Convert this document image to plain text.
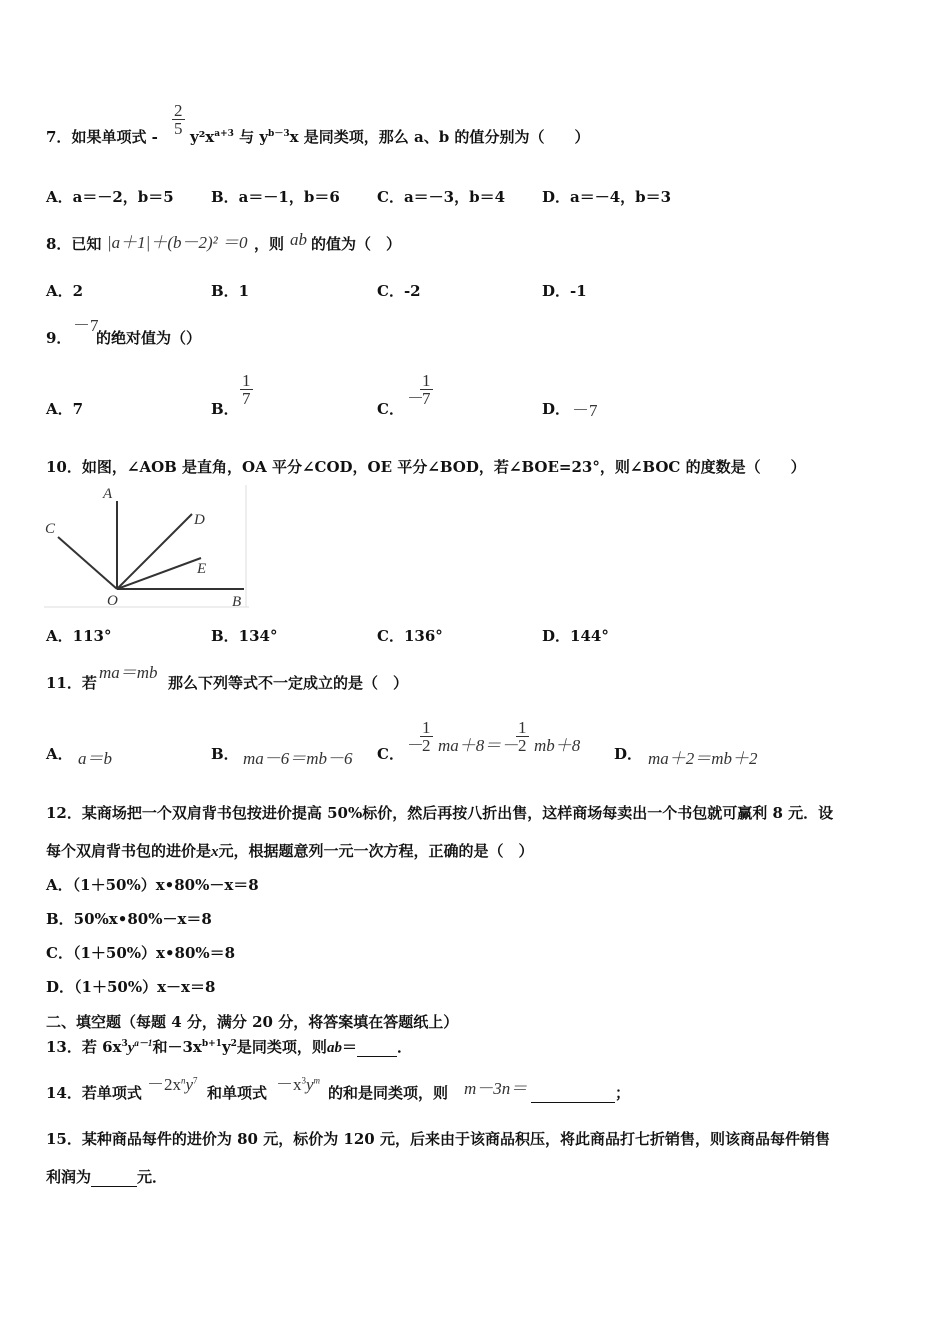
7．如果单项式 - $\frac{2}{5} y^2x^{a+3}$ 与 $y^{b-3}x$ 是同类项，那么 a、b 的值分别为（　　）
A．a＝－2，b＝5 B．a＝－1，b＝6 C．a＝－3，b＝4 D．a＝－4，b＝3
8．已知 |a＋1|＋(b－2)² ＝0 ，则 ab 的值为（　）
A．2	B．1	C．-2	D．-1
9．
－7
的绝对值为（）
A．7	B．
$\frac{1}{7}$
C．
－
$\frac{1}{7}$
D． －7
10．如图，∠AOB 是直角，OA 平分∠COD，OE 平分∠BOD，若∠BOE=23°，则∠BOC 的度数是（　　）
A
C
D
E
O	B
A．113°	B．134°	C．136°	D．144°
11．若
ma＝mb
那么下列等式不一定成立的是（　）
A． a＝b	B． ma－6＝mb－6 C． －
$\frac{1}{2} ma+8=-$
$\frac{1}{2} mb+8$ D． ma＋2＝mb＋2
12．某商场把一个双肩背书包按进价提高 50%标价，然后再按八折出售，这样商场每卖出一个书包就可赢利 8 元．设
每个双肩背书包的进价是x元，根据题意列一元一次方程，正确的是（　）
A．（1＋50%）x•80%－x＝8
B．50%x•80%－x＝8
C．（1＋50%）x•80%＝8
D．（1＋50%）x－x＝8
二、填空题（每题 4 分，满分 20 分，将答案填在答题纸上）
13．若 $6x^3y^{a-1}$和$-3x^{b+1}y^2$是同类项，则ab＝	．
14．若单项式 $-2x^ny^7$
和单项式 $-x^3y^m$
的和是同类项，则 m－3n＝	；
15．某种商品每件的进价为 80 元，标价为 120 元，后来由于该商品积压，将此商品打七折销售，则该商品每件销售
利润为	元．
